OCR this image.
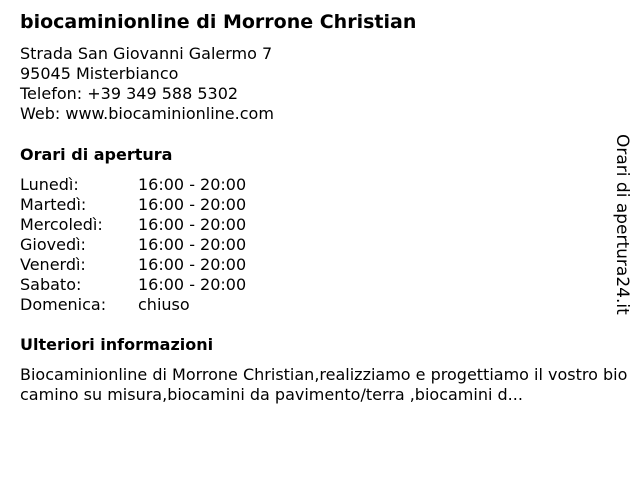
biocaminionline di Morrone Christian
Strada San Giovanni Galermo 7
95045 Misterbianco
Telefon: +39 349 588 5302
Web: www.biocaminionline.com
Orari di apertura
Lunedì:	16:00 - 20:00
Martedì:	16:00 - 20:00
Mercoledì:	16:00 - 20:00
Giovedì:	16:00 - 20:00
Venerdì:	16:00 - 20:00
Sabato:	16:00 - 20:00
Domenica:	chiuso
Ulteriori informazioni
Biocaminionline di Morrone Christian,realizziamo e progettiamo il vostro biocamino su misura,biocamini da pavimento/terra ,biocamini d...
Orari di apertura24.it
